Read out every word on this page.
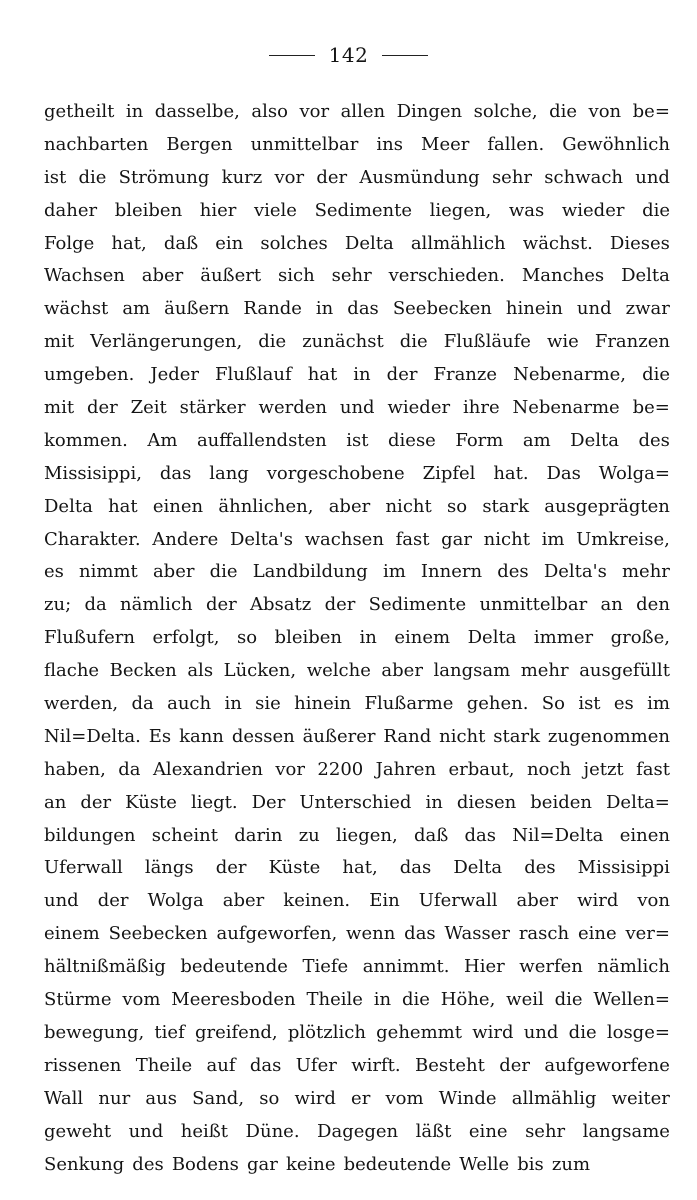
142
getheilt in dasselbe, also vor allen Dingen solche, die von be=
nachbarten Bergen unmittelbar ins Meer fallen. Gewöhnlich
ist die Strömung kurz vor der Ausmündung sehr schwach und
daher bleiben hier viele Sedimente liegen, was wieder die
Folge hat, daß ein solches Delta allmählich wächst. Dieses
Wachsen aber äußert sich sehr verschieden. Manches Delta
wächst am äußern Rande in das Seebecken hinein und zwar
mit Verlängerungen, die zunächst die Flußläufe wie Franzen
umgeben. Jeder Flußlauf hat in der Franze Nebenarme, die
mit der Zeit stärker werden und wieder ihre Nebenarme be=
kommen. Am auffallendsten ist diese Form am Delta des
Missisippi, das lang vorgeschobene Zipfel hat. Das Wolga=
Delta hat einen ähnlichen, aber nicht so stark ausgeprägten
Charakter. Andere Delta's wachsen fast gar nicht im Umkreise,
es nimmt aber die Landbildung im Innern des Delta's mehr
zu; da nämlich der Absatz der Sedimente unmittelbar an den
Flußufern erfolgt, so bleiben in einem Delta immer große,
flache Becken als Lücken, welche aber langsam mehr ausgefüllt
werden, da auch in sie hinein Flußarme gehen. So ist es im
Nil=Delta. Es kann dessen äußerer Rand nicht stark zugenommen
haben, da Alexandrien vor 2200 Jahren erbaut, noch jetzt fast
an der Küste liegt. Der Unterschied in diesen beiden Delta=
bildungen scheint darin zu liegen, daß das Nil=Delta einen
Uferwall längs der Küste hat, das Delta des Missisippi
und der Wolga aber keinen. Ein Uferwall aber wird von
einem Seebecken aufgeworfen, wenn das Wasser rasch eine ver=
hältnißmäßig bedeutende Tiefe annimmt. Hier werfen nämlich
Stürme vom Meeresboden Theile in die Höhe, weil die Wellen=
bewegung, tief greifend, plötzlich gehemmt wird und die losge=
rissenen Theile auf das Ufer wirft. Besteht der aufgeworfene
Wall nur aus Sand, so wird er vom Winde allmählig weiter
geweht und heißt Düne. Dagegen läßt eine sehr langsame
Senkung des Bodens gar keine bedeutende Welle bis zum
